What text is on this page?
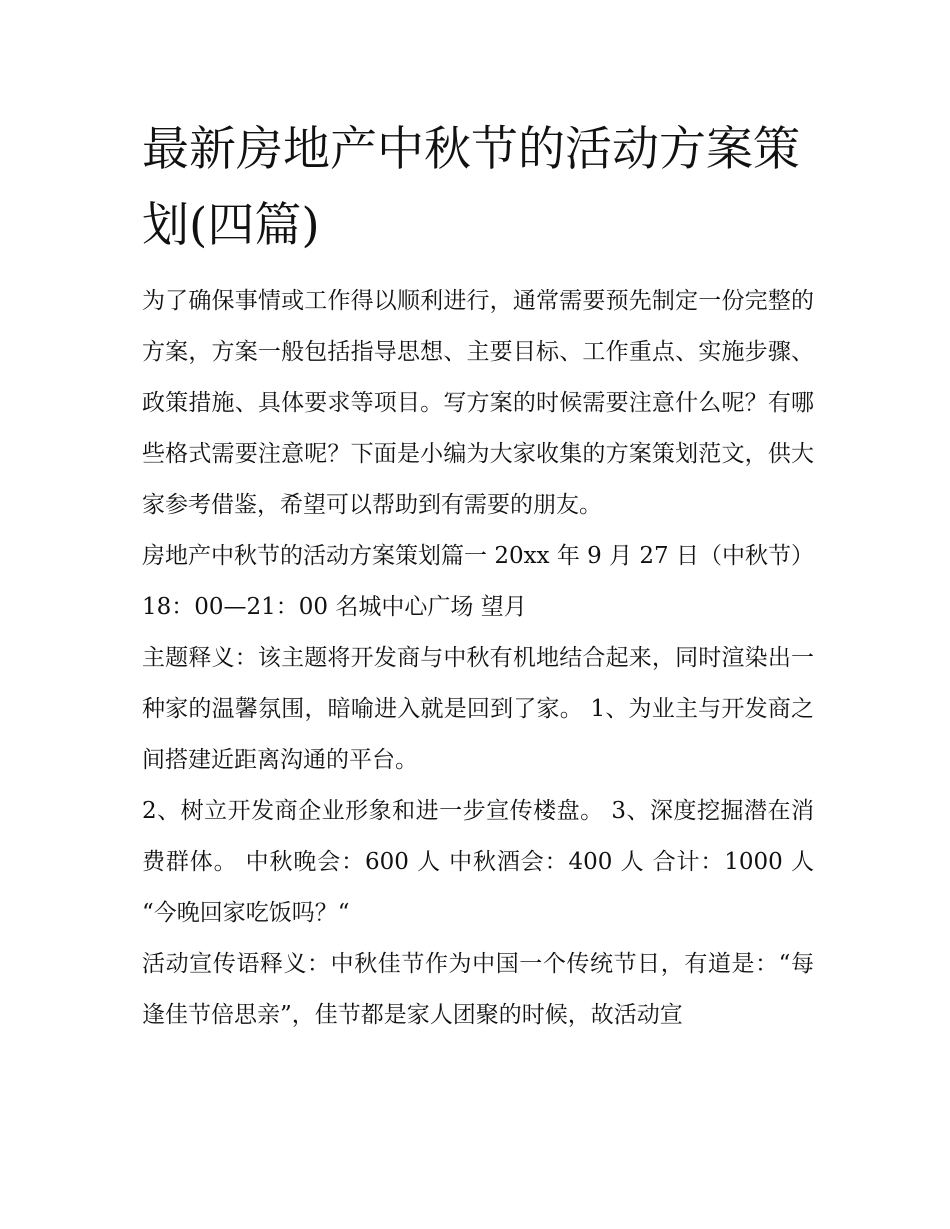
最新房地产中秋节的活动方案策划(四篇)

为了确保事情或工作得以顺利进行，通常需要预先制定一份完整的方案，方案一般包括指导思想、主要目标、工作重点、实施步骤、政策措施、具体要求等项目。写方案的时候需要注意什么呢？有哪些格式需要注意呢？下面是小编为大家收集的方案策划范文，供大家参考借鉴，希望可以帮助到有需要的朋友。

房地产中秋节的活动方案策划篇一 20xx 年 9 月 27 日（中秋节）18：00—21：00 名城中心广场 望月

主题释义：该主题将开发商与中秋有机地结合起来，同时渲染出一种家的温馨氛围，暗喻进入就是回到了家。 1、为业主与开发商之间搭建近距离沟通的平台。

2、树立开发商企业形象和进一步宣传楼盘。 3、深度挖掘潜在消费群体。 中秋晚会：600 人 中秋酒会：400 人 合计：1000 人 “今晚回家吃饭吗？“

活动宣传语释义：中秋佳节作为中国一个传统节日，有道是：“每逢佳节倍思亲”，佳节都是家人团聚的时候，故活动宣
